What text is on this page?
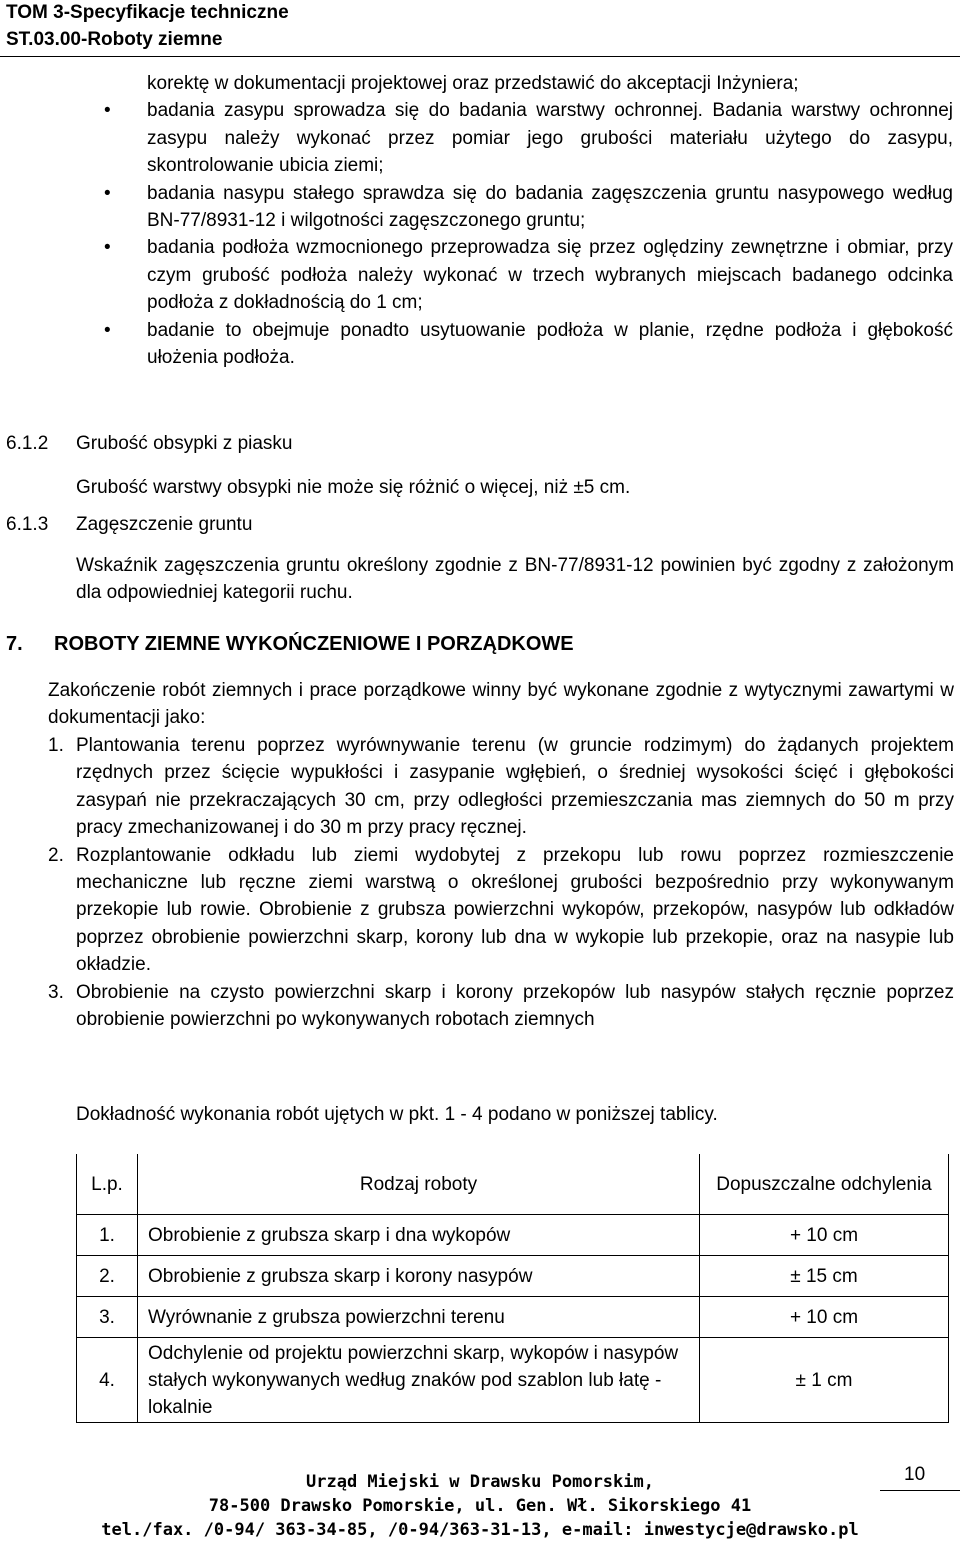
TOM 3-Specyfikacje techniczne
ST.03.00-Roboty ziemne
korektę w dokumentacji projektowej oraz przedstawić do akceptacji Inżyniera;
• badania zasypu sprowadza się do badania warstwy ochronnej. Badania warstwy ochronnej zasypu należy wykonać przez pomiar jego grubości materiału użytego do zasypu, skontrolowanie ubicia ziemi;
• badania nasypu stałego sprawdza się do badania zagęszczenia gruntu nasypowego według BN-77/8931-12 i wilgotności zagęszczonego gruntu;
• badania podłoża wzmocnionego przeprowadza się przez oględziny zewnętrzne i obmiar, przy czym grubość podłoża należy wykonać w trzech wybranych miejscach badanego odcinka podłoża z dokładnością do 1 cm;
• badanie to obejmuje ponadto usytuowanie podłoża w planie, rzędne podłoża i głębokość ułożenia podłoża.
6.1.2 Grubość obsypki z piasku
Grubość warstwy obsypki nie może się różnić o więcej, niż ±5 cm.
6.1.3 Zagęszczenie gruntu
Wskaźnik zagęszczenia gruntu określony zgodnie z BN-77/8931-12 powinien być zgodny z założonym dla odpowiedniej kategorii ruchu.
7. ROBOTY ZIEMNE WYKOŃCZENIOWE I PORZĄDKOWE
Zakończenie robót ziemnych i prace porządkowe winny być wykonane zgodnie z wytycznymi zawartymi w dokumentacji jako:
1. Plantowania terenu poprzez wyrównywanie terenu (w gruncie rodzimym) do żądanych projektem rzędnych przez ścięcie wypukłości i zasypanie wgłębień, o średniej wysokości ścięć i głębokości zasypań nie przekraczających 30 cm, przy odległości przemieszczania mas ziemnych do 50 m przy pracy zmechanizowanej i do 30 m przy pracy ręcznej.
2. Rozplantowanie odkładu lub ziemi wydobytej z przekopu lub rowu poprzez rozmieszczenie mechaniczne lub ręczne ziemi warstwą o określonej grubości bezpośrednio przy wykonywanym przekopie lub rowie. Obrobienie z grubsza powierzchni wykopów, przekopów, nasypów lub odkładów poprzez obrobienie powierzchni skarp, korony lub dna w wykopie lub przekopie, oraz na nasypie lub okładzie.
3. Obrobienie na czysto powierzchni skarp i korony przekopów lub nasypów stałych ręcznie poprzez obrobienie powierzchni po wykonywanych robotach ziemnych
Dokładność wykonania robót ujętych w pkt. 1 - 4 podano w poniższej tablicy.
L.p.	Rodzaj roboty	Dopuszczalne odchylenia
1.	Obrobienie z grubsza skarp i dna wykopów	+ 10 cm
2.	Obrobienie z grubsza skarp i korony nasypów	± 15 cm
3.	Wyrównanie z grubsza powierzchni terenu	+ 10 cm
4.	Odchylenie od projektu powierzchni skarp, wykopów i nasypów stałych wykonywanych według znaków pod szablon lub łatę - lokalnie	± 1 cm
10
Urząd Miejski w Drawsku Pomorskim,
78-500 Drawsko Pomorskie, ul. Gen. Wł. Sikorskiego 41
tel./fax. /0-94/ 363-34-85, /0-94/363-31-13, e-mail: inwestycje@drawsko.pl
